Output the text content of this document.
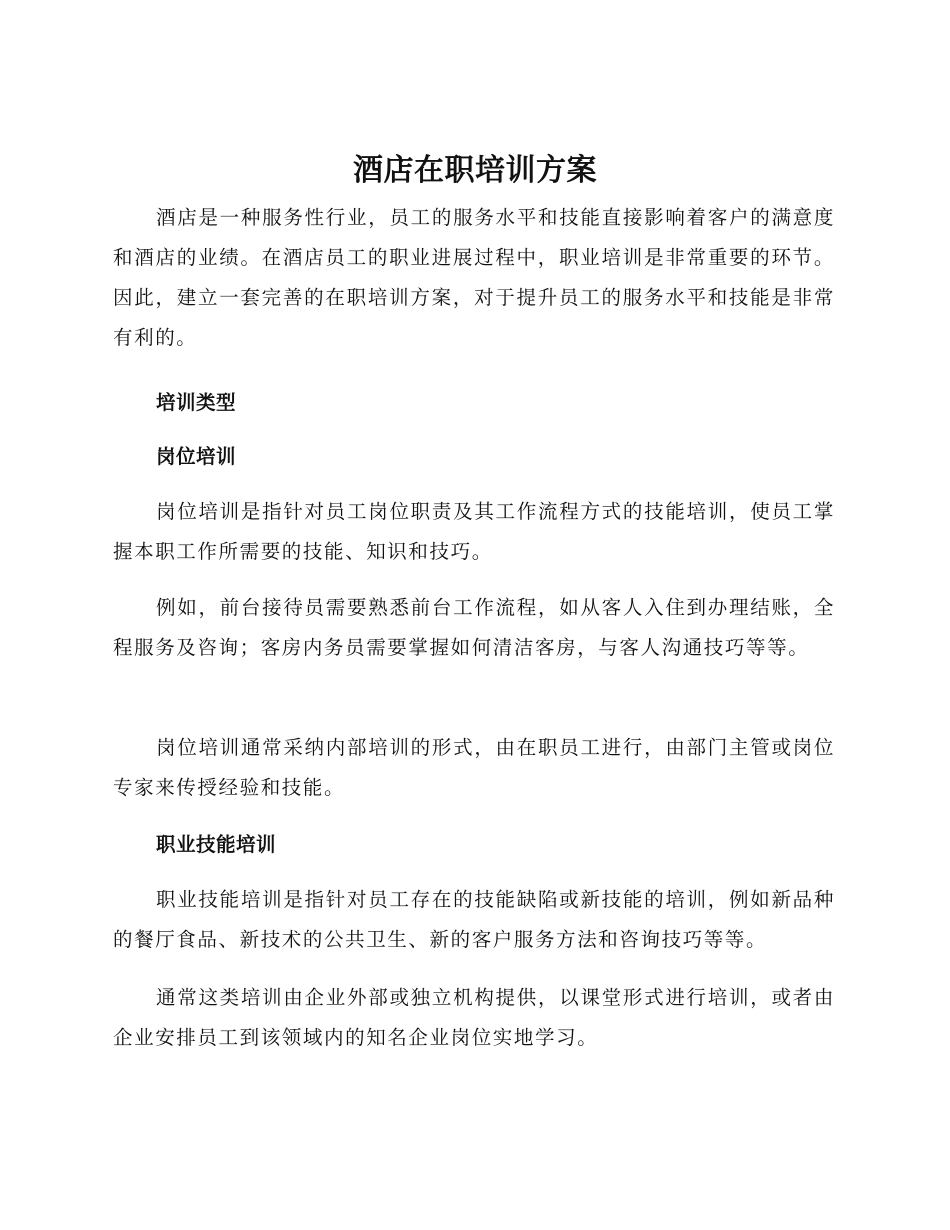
酒店在职培训方案

酒店是一种服务性行业，员工的服务水平和技能直接影响着客户的满意度和酒店的业绩。在酒店员工的职业进展过程中，职业培训是非常重要的环节。因此，建立一套完善的在职培训方案，对于提升员工的服务水平和技能是非常有利的。

培训类型
岗位培训

岗位培训是指针对员工岗位职责及其工作流程方式的技能培训，使员工掌握本职工作所需要的技能、知识和技巧。

例如，前台接待员需要熟悉前台工作流程，如从客人入住到办理结账，全程服务及咨询；客房内务员需要掌握如何清洁客房，与客人沟通技巧等等。

岗位培训通常采纳内部培训的形式，由在职员工进行，由部门主管或岗位专家来传授经验和技能。

职业技能培训

职业技能培训是指针对员工存在的技能缺陷或新技能的培训，例如新品种的餐厅食品、新技术的公共卫生、新的客户服务方法和咨询技巧等等。

通常这类培训由企业外部或独立机构提供，以课堂形式进行培训，或者由企业安排员工到该领域内的知名企业岗位实地学习。
